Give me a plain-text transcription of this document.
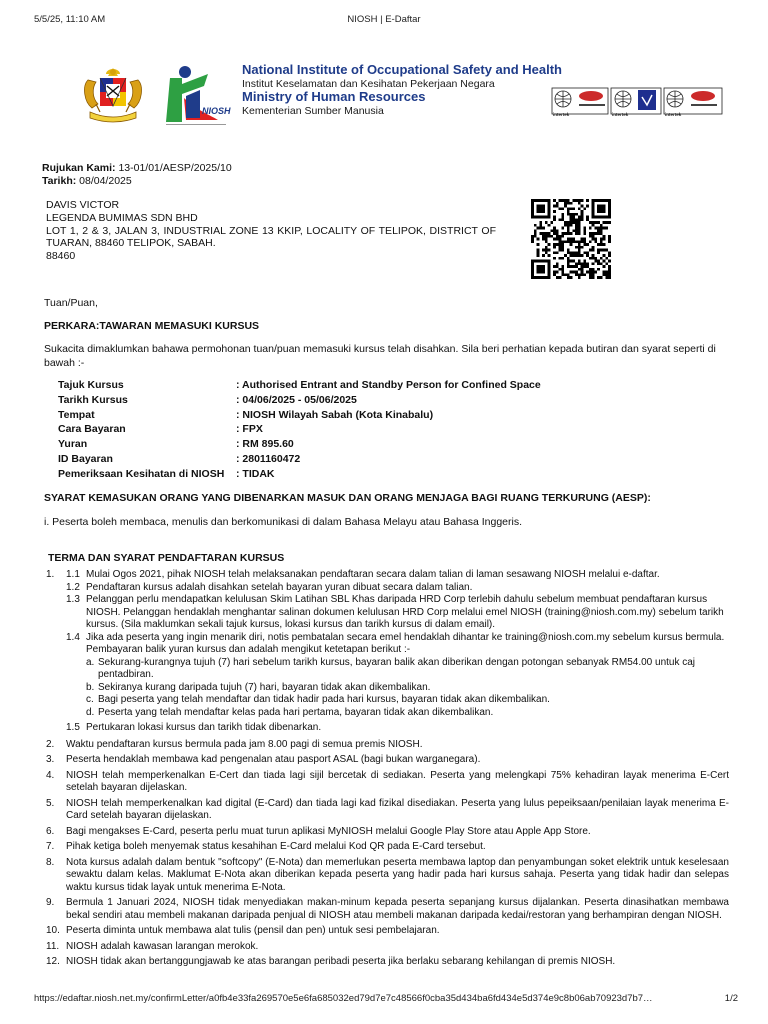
5/5/25, 11:10 AM	NIOSH | E-Daftar
NIOSH
National Institute of Occupational Safety and Health
Institut Keselamatan dan Kesihatan Pekerjaan Negara
Ministry of Human Resources
Kementerian Sumber Manusia	intertek	intertek	intertek
Rujukan Kami: 13-01/01/AESP/2025/10
Tarikh: 08/04/2025
DAVIS VICTOR
LEGENDA BUMIMAS SDN BHD
LOT 1, 2 & 3, JALAN 3, INDUSTRIAL ZONE 13 KKIP, LOCALITY OF TELIPOK, DISTRICT OF TUARAN, 88460 TELIPOK, SABAH.
88460
Tuan/Puan,
PERKARA:TAWARAN MEMASUKI KURSUS
Sukacita dimaklumkan bahawa permohonan tuan/puan memasuki kursus telah disahkan. Sila beri perhatian kepada butiran dan syarat seperti di bawah :-
Tajuk Kursus	: Authorised Entrant and Standby Person for Confined Space
Tarikh Kursus	: 04/06/2025 - 05/06/2025
Tempat	: NIOSH Wilayah Sabah (Kota Kinabalu)
Cara Bayaran	: FPX
Yuran	: RM 895.60
ID Bayaran	: 2801160472
Pemeriksaan Kesihatan di NIOSH	: TIDAK
SYARAT KEMASUKAN ORANG YANG DIBENARKAN MASUK DAN ORANG MENJAGA BAGI RUANG TERKURUNG (AESP):
i. Peserta boleh membaca, menulis dan berkomunikasi di dalam Bahasa Melayu atau Bahasa Inggeris.
TERMA DAN SYARAT PENDAFTARAN KURSUS
1. 1.1 Mulai Ogos 2021, pihak NIOSH telah melaksanakan pendaftaran secara dalam talian di laman sesawang NIOSH melalui e-daftar.
1.2 Pendaftaran kursus adalah disahkan setelah bayaran yuran dibuat secara dalam talian.
1.3 Pelanggan perlu mendapatkan kelulusan Skim Latihan SBL Khas daripada HRD Corp terlebih dahulu sebelum membuat pendaftaran kursus NIOSH. Pelanggan hendaklah menghantar salinan dokumen kelulusan HRD Corp melalui emel NIOSH (training@niosh.com.my) sebelum tarikh kursus. (Sila maklumkan sekali tajuk kursus, lokasi kursus dan tarikh kursus di dalam email).
1.4 Jika ada peserta yang ingin menarik diri, notis pembatalan secara emel hendaklah dihantar ke training@niosh.com.my sebelum kursus bermula. Pembayaran balik yuran kursus dan adalah mengikut ketetapan berikut :-
a. Sekurang-kurangnya tujuh (7) hari sebelum tarikh kursus, bayaran balik akan diberikan dengan potongan sebanyak RM54.00 untuk caj pentadbiran.
b. Sekiranya kurang daripada tujuh (7) hari, bayaran tidak akan dikembalikan.
c. Bagi peserta yang telah mendaftar dan tidak hadir pada hari kursus, bayaran tidak akan dikembalikan.
d. Peserta yang telah mendaftar kelas pada hari pertama, bayaran tidak akan dikembalikan.
1.5 Pertukaran lokasi kursus dan tarikh tidak dibenarkan.
2. Waktu pendaftaran kursus bermula pada jam 8.00 pagi di semua premis NIOSH.
3. Peserta hendaklah membawa kad pengenalan atau pasport ASAL (bagi bukan warganegara).
4. NIOSH telah memperkenalkan E-Cert dan tiada lagi sijil bercetak di sediakan. Peserta yang melengkapi 75% kehadiran layak menerima E-Cert setelah bayaran dijelaskan.
5. NIOSH telah memperkenalkan kad digital (E-Card) dan tiada lagi kad fizikal disediakan. Peserta yang lulus pepeiksaan/penilaian layak menerima E-Card setelah bayaran dijelaskan.
6. Bagi mengakses E-Card, peserta perlu muat turun aplikasi MyNIOSH melalui Google Play Store atau Apple App Store.
7. Pihak ketiga boleh menyemak status kesahihan E-Card melalui Kod QR pada E-Card tersebut.
8. Nota kursus adalah dalam bentuk "softcopy" (E-Nota) dan memerlukan peserta membawa laptop dan penyambungan soket elektrik untuk keselesaan sewaktu dalam kelas. Maklumat E-Nota akan diberikan kepada peserta yang hadir pada hari kursus sahaja. Peserta yang tidak hadir dan selepas waktu kursus tidak layak untuk menerima E-Nota.
9. Bermula 1 Januari 2024, NIOSH tidak menyediakan makan-minum kepada peserta sepanjang kursus dijalankan. Peserta dinasihatkan membawa bekal sendiri atau membeli makanan daripada penjual di NIOSH atau membeli makanan daripada kedai/restoran yang berhampiran dengan NIOSH.
10. Peserta diminta untuk membawa alat tulis (pensil dan pen) untuk sesi pembelajaran.
11. NIOSH adalah kawasan larangan merokok.
12. NIOSH tidak akan bertanggungjawab ke atas barangan peribadi peserta jika berlaku sebarang kehilangan di premis NIOSH.
https://edaftar.niosh.net.my/confirmLetter/a0fb4e33fa269570e5e6fa685032ed79d7e7c48566f0cba35d434ba6fd434e5d374e9c8b06ab70923d7b7…	1/2
